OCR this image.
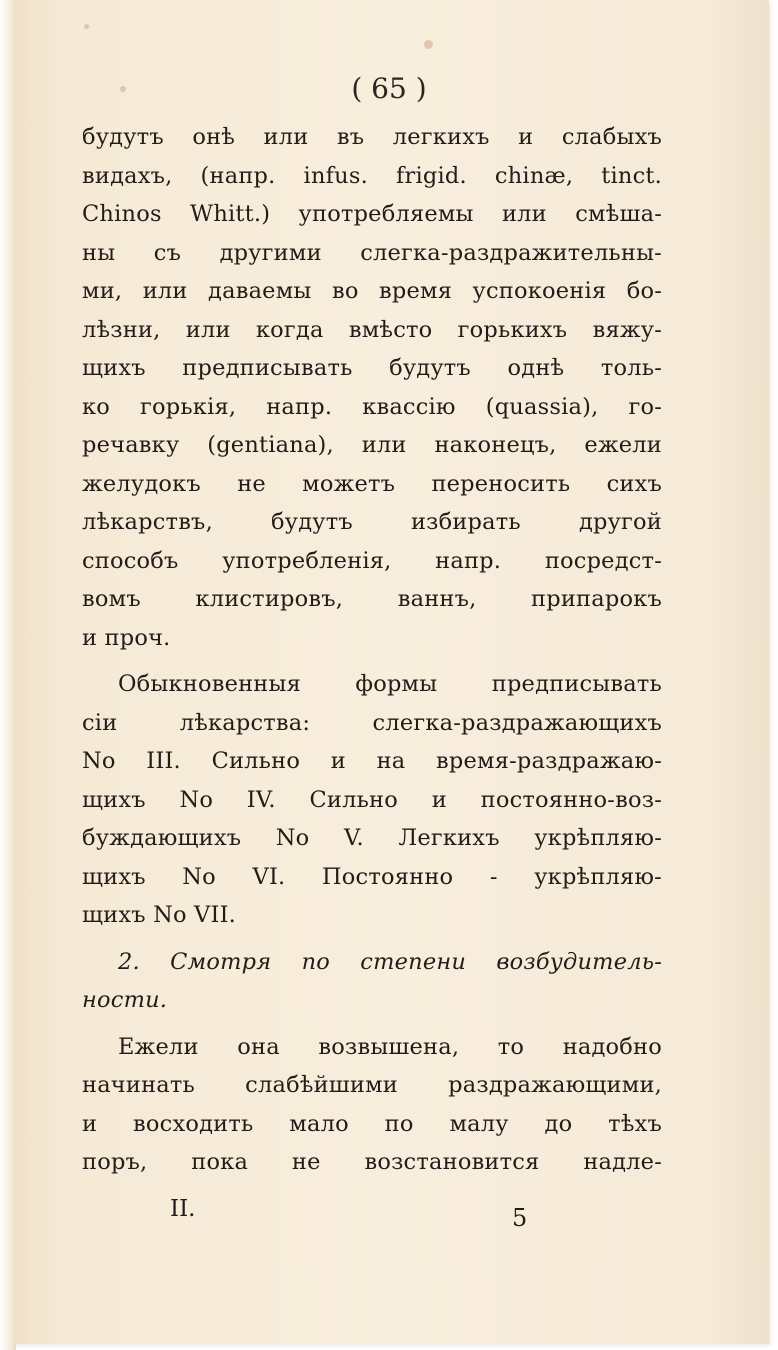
( 65 )
будутъ онѣ или въ легкихъ и слабыхъ
видахъ, (напр. infus. frigid. chinæ, tinct.
Chinos Whitt.) употребляемы или смѣша-
ны съ другими слегка-раздражительны-
ми, или даваемы во время успокоенія бо-
лѣзни, или когда вмѣсто горькихъ вяжу-
щихъ предписывать будутъ однѣ толь-
ко горькія, напр. квассію (quassia), го-
речавку (gentiana), или наконецъ, ежели
желудокъ не можетъ переносить сихъ
лѣкарствъ, будутъ избирать другой
способъ употребленія, напр. посредст-
вомъ клистировъ, ваннъ, припарокъ
и проч.
Обыкновенныя формы предписывать
сіи лѣкарства: слегка-раздражающихъ
No III. Сильно и на время-раздражаю-
щихъ No IV. Сильно и постоянно-воз-
буждающихъ No V. Легкихъ укрѣпляю-
щихъ No VI. Постоянно - укрѣпляю-
щихъ No VII.
2. Смотря по степени возбудитель-
ности.
Ежели она возвышена, то надобно
начинать слабѣйшими раздражающими,
и восходить мало по малу до тѣхъ
поръ, пока не возстановится надле-
II.	5
